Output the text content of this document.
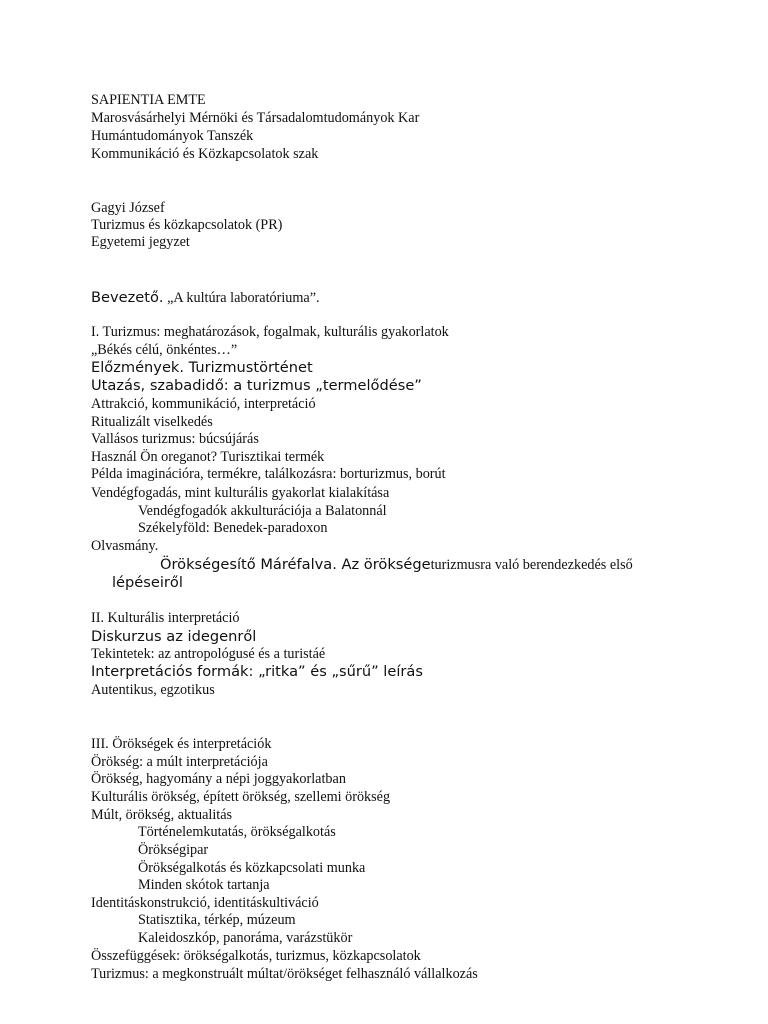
SAPIENTIA EMTE
Marosvásárhelyi Mérnöki és Társadalomtudományok Kar
Humántudományok Tanszék
Kommunikáció és Közkapcsolatok szak
Gagyi József
Turizmus és közkapcsolatok (PR)
Egyetemi jegyzet
Bevezető. „A kultúra laboratóriuma”.
I. Turizmus: meghatározások, fogalmak, kulturális gyakorlatok
„Békés célú, önkéntes…”
Előzmények. Turizmustörténet
Utazás, szabadidő: a turizmus „termelődése”
Attrakció, kommunikáció, interpretáció
Ritualizált viselkedés
Vallásos turizmus: búcsújárás
Használ Ön oreganot? Turisztikai termék
Példa imaginációra, termékre, találkozásra: borturizmus, borút
Vendégfogadás, mint kulturális gyakorlat kialakítása
Vendégfogadók akkulturációja a Balatonnál
Székelyföld: Benedek-paradoxon
Olvasmány.
Örökségesítő Máréfalva. Az örökségeturizmusra való berendezkedés első
lépéseiről
II. Kulturális interpretáció
Diskurzus az idegenről
Tekintetek: az antropológusé és a turistáé
Interpretációs formák: „ritka” és „sűrű” leírás
Autentikus, egzotikus
III. Örökségek és interpretációk
Örökség: a múlt interpretációja
Örökség, hagyomány a népi joggyakorlatban
Kulturális örökség, épített örökség, szellemi örökség
Múlt, örökség, aktualitás
Történelemkutatás, örökségalkotás
Örökségipar
Örökségalkotás és közkapcsolati munka
Minden skótok tartanja
Identitáskonstrukció, identitáskultiváció
Statisztika, térkép, múzeum
Kaleidoszkóp, panoráma, varázstükör
Összefüggések: örökségalkotás, turizmus, közkapcsolatok
Turizmus: a megkonstruált múltat/örökséget felhasználó vállalkozás
